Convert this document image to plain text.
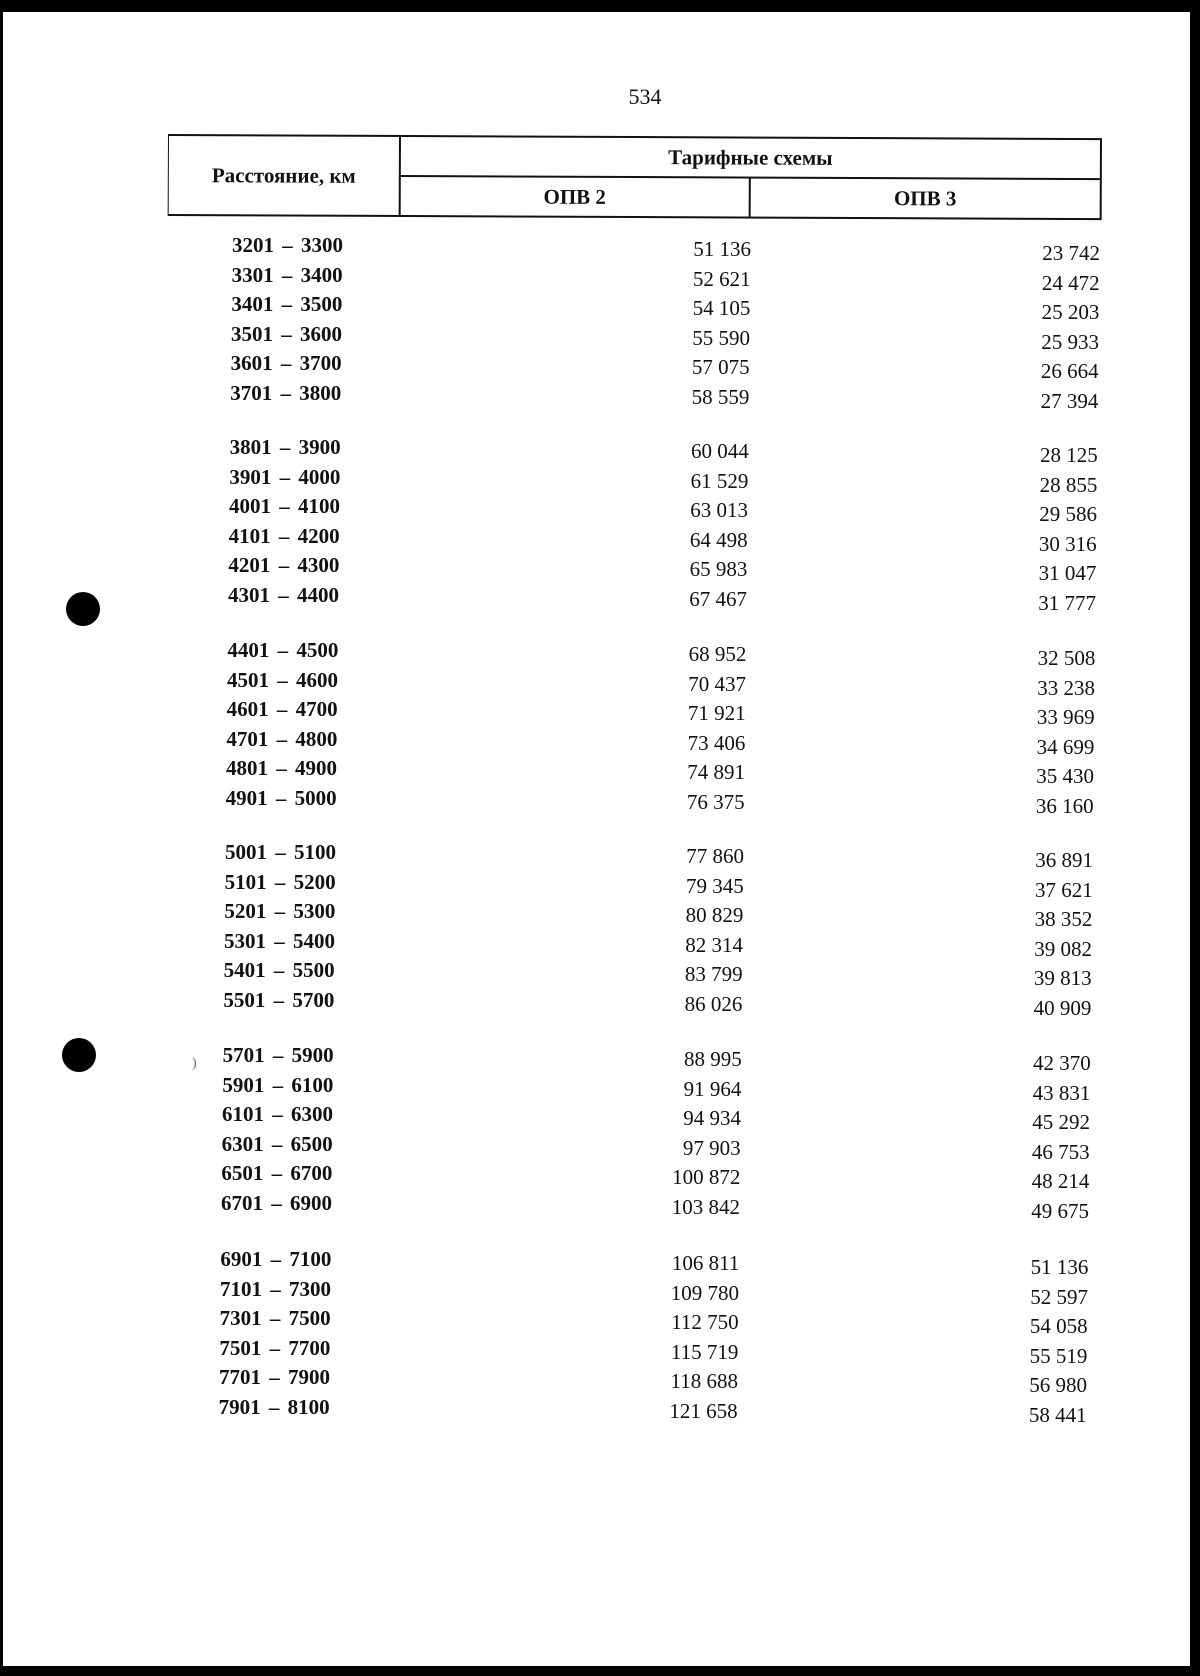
534
Расстояние, км
Тарифные схемы
ОПВ 2	ОПВ 3
3201 – 3300	51 136	23 742
3301 – 3400	52 621	24 472
3401 – 3500	54 105	25 203
3501 – 3600	55 590	25 933
3601 – 3700	57 075	26 664
3701 – 3800	58 559	27 394
3801 – 3900	60 044	28 125
3901 – 4000	61 529	28 855
4001 – 4100	63 013	29 586
4101 – 4200	64 498	30 316
4201 – 4300	65 983	31 047
4301 – 4400	67 467	31 777
4401 – 4500	68 952	32 508
4501 – 4600	70 437	33 238
4601 – 4700	71 921	33 969
4701 – 4800	73 406	34 699
4801 – 4900	74 891	35 430
4901 – 5000	76 375	36 160
5001 – 5100	77 860	36 891
5101 – 5200	79 345	37 621
5201 – 5300	80 829	38 352
5301 – 5400	82 314	39 082
5401 – 5500	83 799	39 813
5501 – 5700	86 026	40 909
5701 – 5900	88 995	42 370
5901 – 6100	91 964	43 831
6101 – 6300	94 934	45 292
6301 – 6500	97 903	46 753
6501 – 6700	100 872	48 214
6701 – 6900	103 842	49 675
6901 – 7100	106 811	51 136
7101 – 7300	109 780	52 597
7301 – 7500	112 750	54 058
7501 – 7700	115 719	55 519
7701 – 7900	118 688	56 980
7901 – 8100	121 658	58 441
)
